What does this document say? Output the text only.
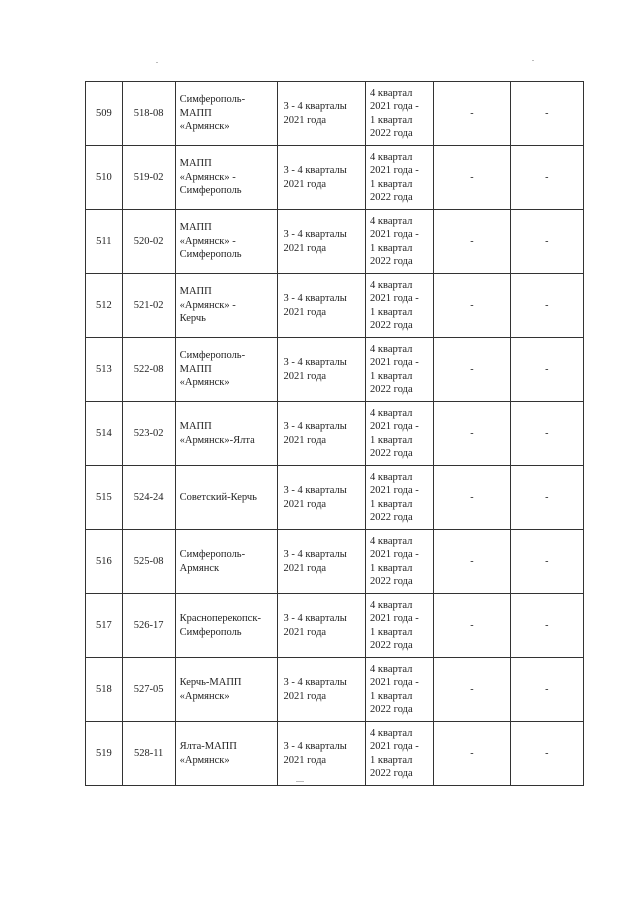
509	518-08	Симферополь-
МАПП
«Армянск»	3 - 4 кварталы
2021 года	4 квартал
2021 года -
1 квартал
2022 года	-	-

510	519-02	МАПП
«Армянск» -
Симферополь	3 - 4 кварталы
2021 года	4 квартал
2021 года -
1 квартал
2022 года	-	-

511	520-02	МАПП
«Армянск» -
Симферополь	3 - 4 кварталы
2021 года	4 квартал
2021 года -
1 квартал
2022 года	-	-

512	521-02	МАПП
«Армянск» -
Керчь	3 - 4 кварталы
2021 года	4 квартал
2021 года -
1 квартал
2022 года	-	-

513	522-08	Симферополь-
МАПП
«Армянск»	3 - 4 кварталы
2021 года	4 квартал
2021 года -
1 квартал
2022 года	-	-

514	523-02	МАПП
«Армянск»-Ялта	3 - 4 кварталы
2021 года	4 квартал
2021 года -
1 квартал
2022 года	-	-

515	524-24	Советский-Керчь	3 - 4 кварталы
2021 года	4 квартал
2021 года -
1 квартал
2022 года	-	-

516	525-08	Симферополь-
Армянск	3 - 4 кварталы
2021 года	4 квартал
2021 года -
1 квартал
2022 года	-	-

517	526-17	Красноперекопск-
Симферополь	3 - 4 кварталы
2021 года	4 квартал
2021 года -
1 квартал
2022 года	-	-

518	527-05	Керчь-МАПП
«Армянск»	3 - 4 кварталы
2021 года	4 квартал
2021 года -
1 квартал
2022 года	-	-

519	528-11	Ялта-МАПП
«Армянск»	3 - 4 кварталы
2021 года	4 квартал
2021 года -
1 квартал
2022 года	-	-
